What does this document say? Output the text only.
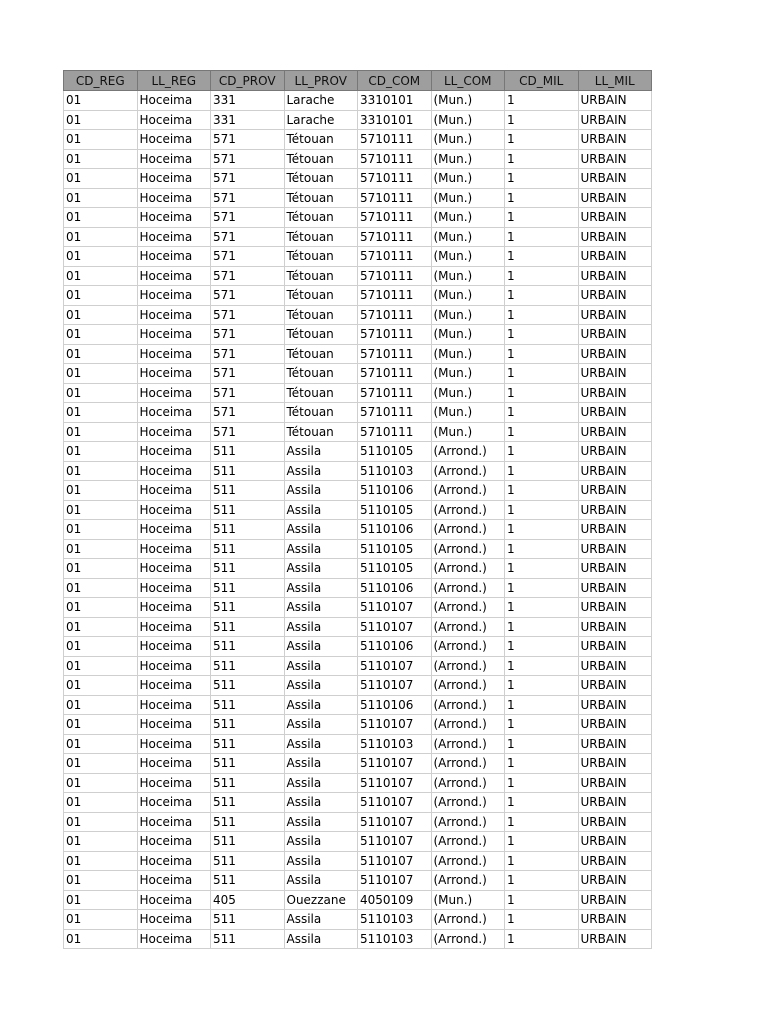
CD_REG	LL_REG	CD_PROV	LL_PROV	CD_COM	LL_COM	CD_MIL	LL_MIL
01	Hoceima	331	Larache	3310101	(Mun.)	1	URBAIN
01	Hoceima	331	Larache	3310101	(Mun.)	1	URBAIN
01	Hoceima	571	Tétouan	5710111	(Mun.)	1	URBAIN
01	Hoceima	571	Tétouan	5710111	(Mun.)	1	URBAIN
01	Hoceima	571	Tétouan	5710111	(Mun.)	1	URBAIN
01	Hoceima	571	Tétouan	5710111	(Mun.)	1	URBAIN
01	Hoceima	571	Tétouan	5710111	(Mun.)	1	URBAIN
01	Hoceima	571	Tétouan	5710111	(Mun.)	1	URBAIN
01	Hoceima	571	Tétouan	5710111	(Mun.)	1	URBAIN
01	Hoceima	571	Tétouan	5710111	(Mun.)	1	URBAIN
01	Hoceima	571	Tétouan	5710111	(Mun.)	1	URBAIN
01	Hoceima	571	Tétouan	5710111	(Mun.)	1	URBAIN
01	Hoceima	571	Tétouan	5710111	(Mun.)	1	URBAIN
01	Hoceima	571	Tétouan	5710111	(Mun.)	1	URBAIN
01	Hoceima	571	Tétouan	5710111	(Mun.)	1	URBAIN
01	Hoceima	571	Tétouan	5710111	(Mun.)	1	URBAIN
01	Hoceima	571	Tétouan	5710111	(Mun.)	1	URBAIN
01	Hoceima	571	Tétouan	5710111	(Mun.)	1	URBAIN
01	Hoceima	511	Assila	5110105	(Arrond.)	1	URBAIN
01	Hoceima	511	Assila	5110103	(Arrond.)	1	URBAIN
01	Hoceima	511	Assila	5110106	(Arrond.)	1	URBAIN
01	Hoceima	511	Assila	5110105	(Arrond.)	1	URBAIN
01	Hoceima	511	Assila	5110106	(Arrond.)	1	URBAIN
01	Hoceima	511	Assila	5110105	(Arrond.)	1	URBAIN
01	Hoceima	511	Assila	5110105	(Arrond.)	1	URBAIN
01	Hoceima	511	Assila	5110106	(Arrond.)	1	URBAIN
01	Hoceima	511	Assila	5110107	(Arrond.)	1	URBAIN
01	Hoceima	511	Assila	5110107	(Arrond.)	1	URBAIN
01	Hoceima	511	Assila	5110106	(Arrond.)	1	URBAIN
01	Hoceima	511	Assila	5110107	(Arrond.)	1	URBAIN
01	Hoceima	511	Assila	5110107	(Arrond.)	1	URBAIN
01	Hoceima	511	Assila	5110106	(Arrond.)	1	URBAIN
01	Hoceima	511	Assila	5110107	(Arrond.)	1	URBAIN
01	Hoceima	511	Assila	5110103	(Arrond.)	1	URBAIN
01	Hoceima	511	Assila	5110107	(Arrond.)	1	URBAIN
01	Hoceima	511	Assila	5110107	(Arrond.)	1	URBAIN
01	Hoceima	511	Assila	5110107	(Arrond.)	1	URBAIN
01	Hoceima	511	Assila	5110107	(Arrond.)	1	URBAIN
01	Hoceima	511	Assila	5110107	(Arrond.)	1	URBAIN
01	Hoceima	511	Assila	5110107	(Arrond.)	1	URBAIN
01	Hoceima	511	Assila	5110107	(Arrond.)	1	URBAIN
01	Hoceima	405	Ouezzane	4050109	(Mun.)	1	URBAIN
01	Hoceima	511	Assila	5110103	(Arrond.)	1	URBAIN
01	Hoceima	511	Assila	5110103	(Arrond.)	1	URBAIN
